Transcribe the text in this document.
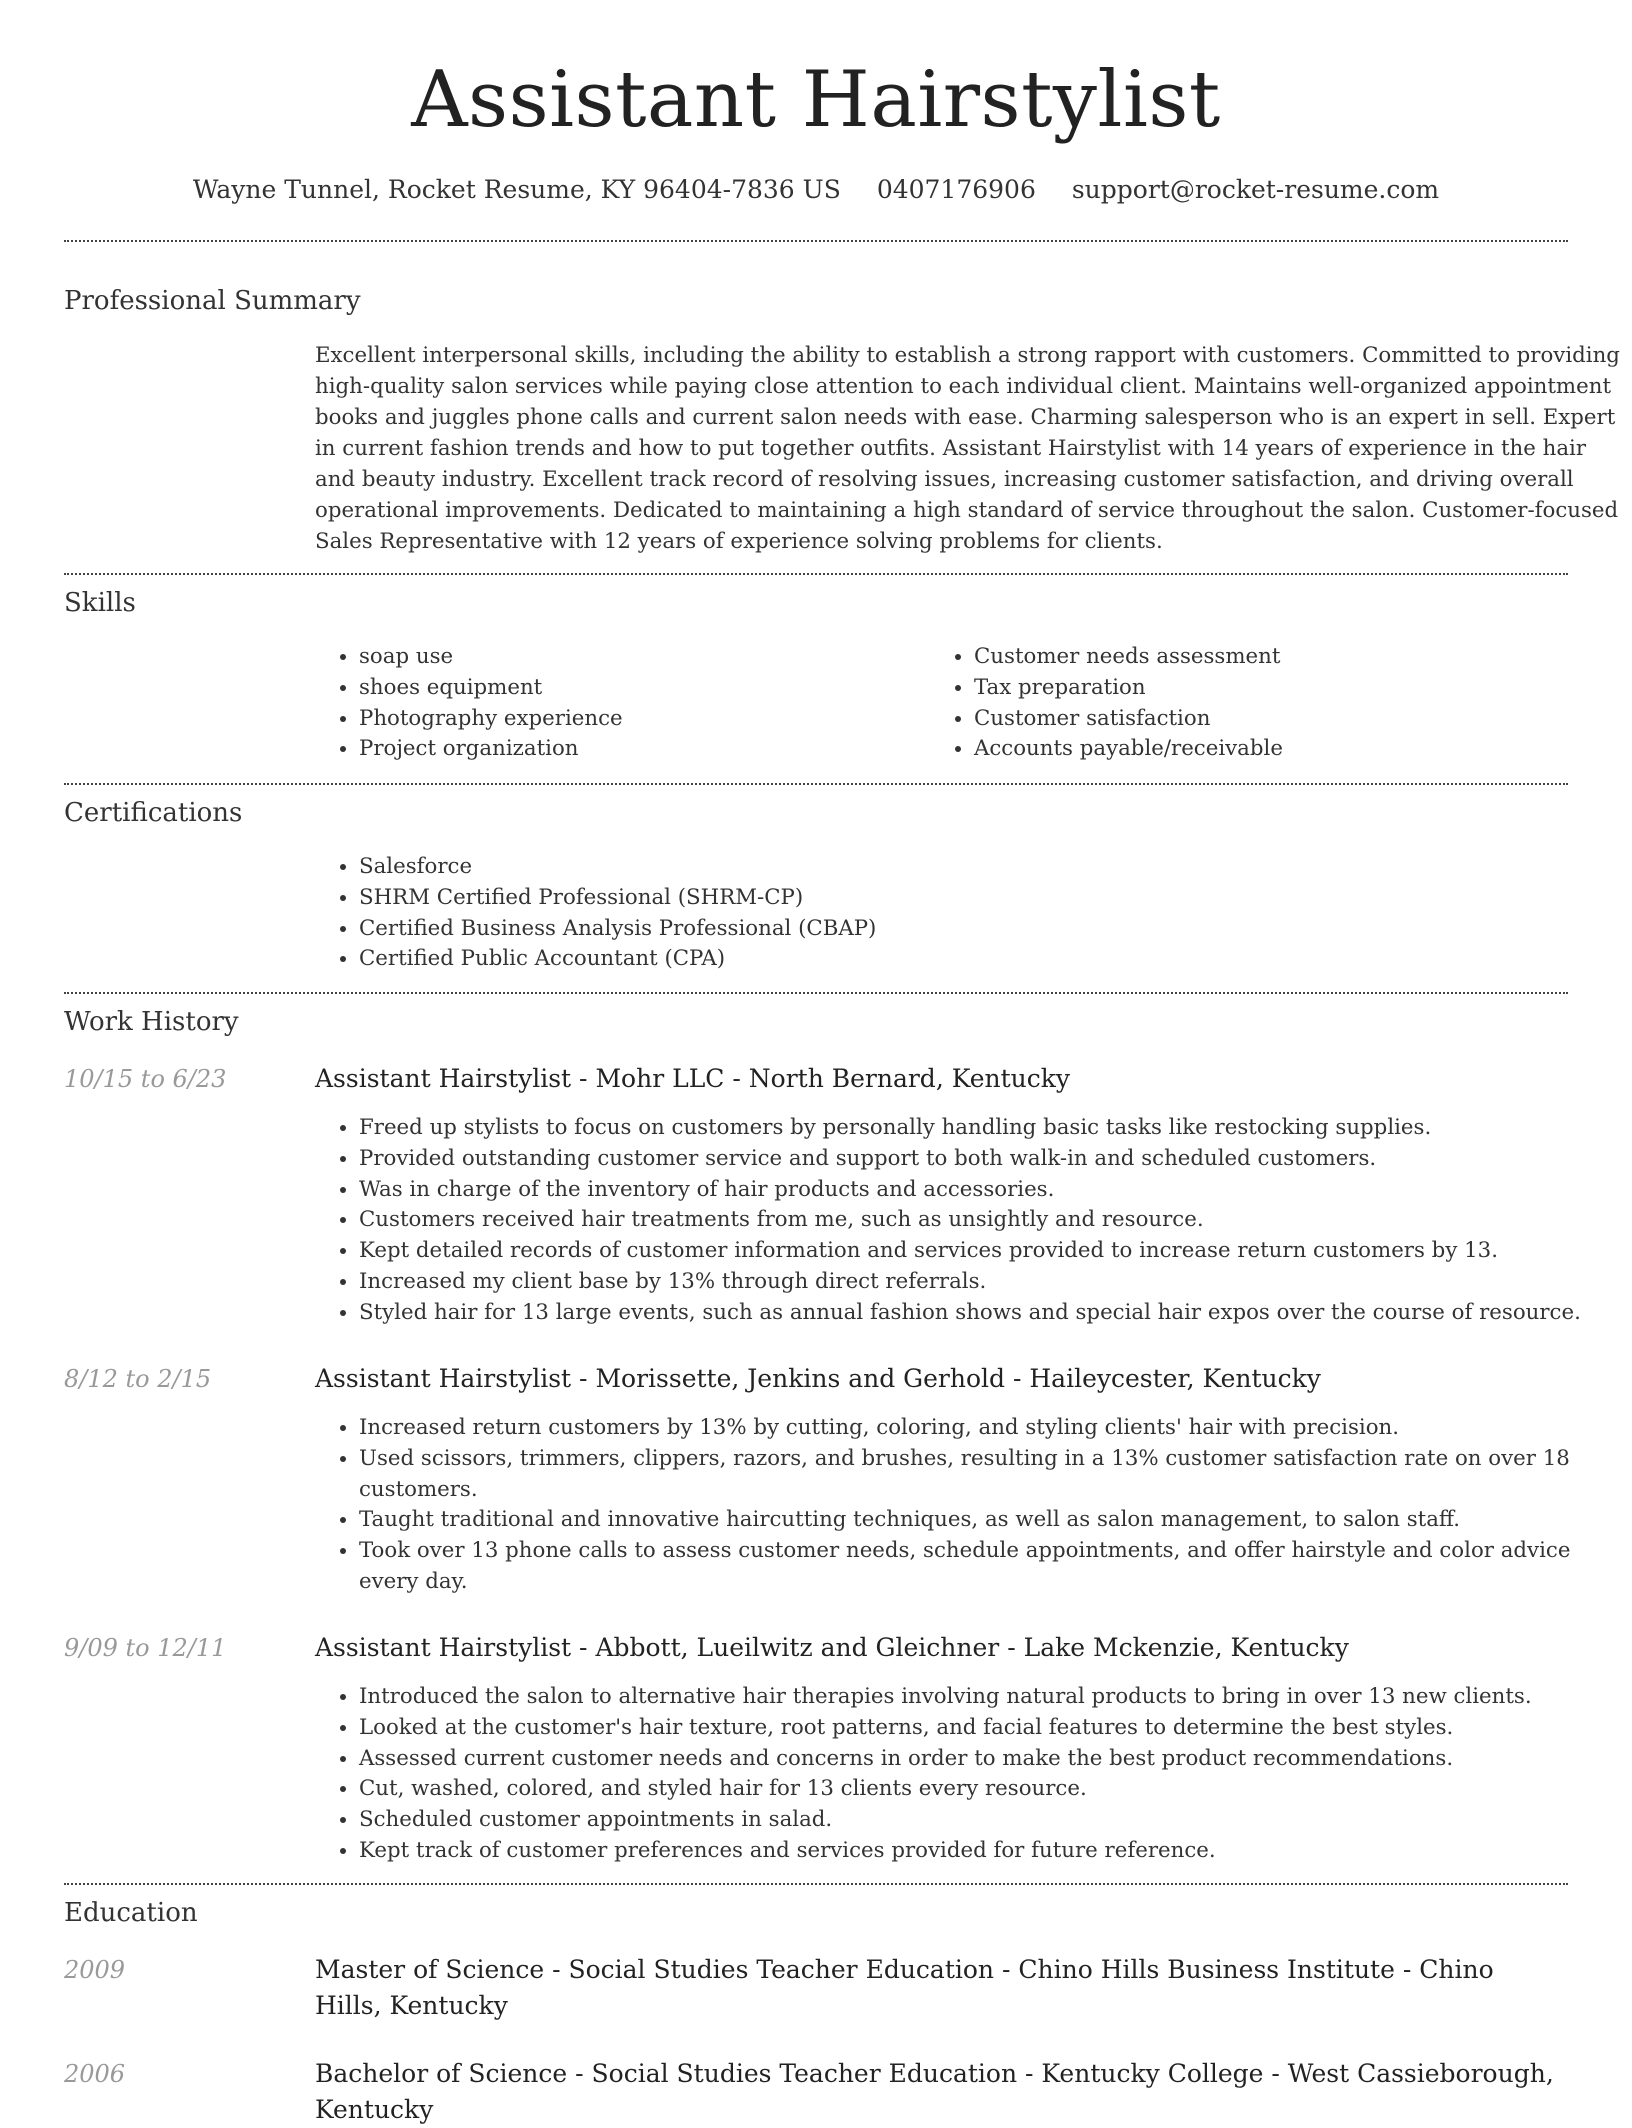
Assistant Hairstylist
Wayne Tunnel, Rocket Resume, KY 96404-7836 US 0407176906 support@rocket-resume.com
Professional Summary

Excellent interpersonal skills, including the ability to establish a strong rapport with customers. Committed to providing high-quality salon services while paying close attention to each individual client. Maintains well-organized appointment books and juggles phone calls and current salon needs with ease. Charming salesperson who is an expert in sell. Expert in current fashion trends and how to put together outfits. Assistant Hairstylist with 14 years of experience in the hair and beauty industry. Excellent track record of resolving issues, increasing customer satisfaction, and driving overall operational improvements. Dedicated to maintaining a high standard of service throughout the salon. Customer-focused Sales Representative with 12 years of experience solving problems for clients.

Skills
• soap use
• shoes equipment
• Photography experience
• Project organization
• Customer needs assessment
• Tax preparation
• Customer satisfaction
• Accounts payable/receivable
Certifications
• Salesforce
• SHRM Certified Professional (SHRM-CP)
• Certified Business Analysis Professional (CBAP)
• Certified Public Accountant (CPA)
Work History
10/15 to 6/23	Assistant Hairstylist - Mohr LLC - North Bernard, Kentucky
• Freed up stylists to focus on customers by personally handling basic tasks like restocking supplies.
• Provided outstanding customer service and support to both walk-in and scheduled customers.
• Was in charge of the inventory of hair products and accessories.
• Customers received hair treatments from me, such as unsightly and resource.
• Kept detailed records of customer information and services provided to increase return customers by 13.
• Increased my client base by 13% through direct referrals.
• Styled hair for 13 large events, such as annual fashion shows and special hair expos over the course of resource.
8/12 to 2/15	Assistant Hairstylist - Morissette, Jenkins and Gerhold - Haileycester, Kentucky
• Increased return customers by 13% by cutting, coloring, and styling clients' hair with precision.
• Used scissors, trimmers, clippers, razors, and brushes, resulting in a 13% customer satisfaction rate on over 18 customers.
• Taught traditional and innovative haircutting techniques, as well as salon management, to salon staff.
• Took over 13 phone calls to assess customer needs, schedule appointments, and offer hairstyle and color advice every day.
9/09 to 12/11	Assistant Hairstylist - Abbott, Lueilwitz and Gleichner - Lake Mckenzie, Kentucky
• Introduced the salon to alternative hair therapies involving natural products to bring in over 13 new clients.
• Looked at the customer's hair texture, root patterns, and facial features to determine the best styles.
• Assessed current customer needs and concerns in order to make the best product recommendations.
• Cut, washed, colored, and styled hair for 13 clients every resource.
• Scheduled customer appointments in salad.
• Kept track of customer preferences and services provided for future reference.
Education
2009	Master of Science - Social Studies Teacher Education - Chino Hills Business Institute - Chino Hills, Kentucky
2006	Bachelor of Science - Social Studies Teacher Education - Kentucky College - West Cassieborough, Kentucky
